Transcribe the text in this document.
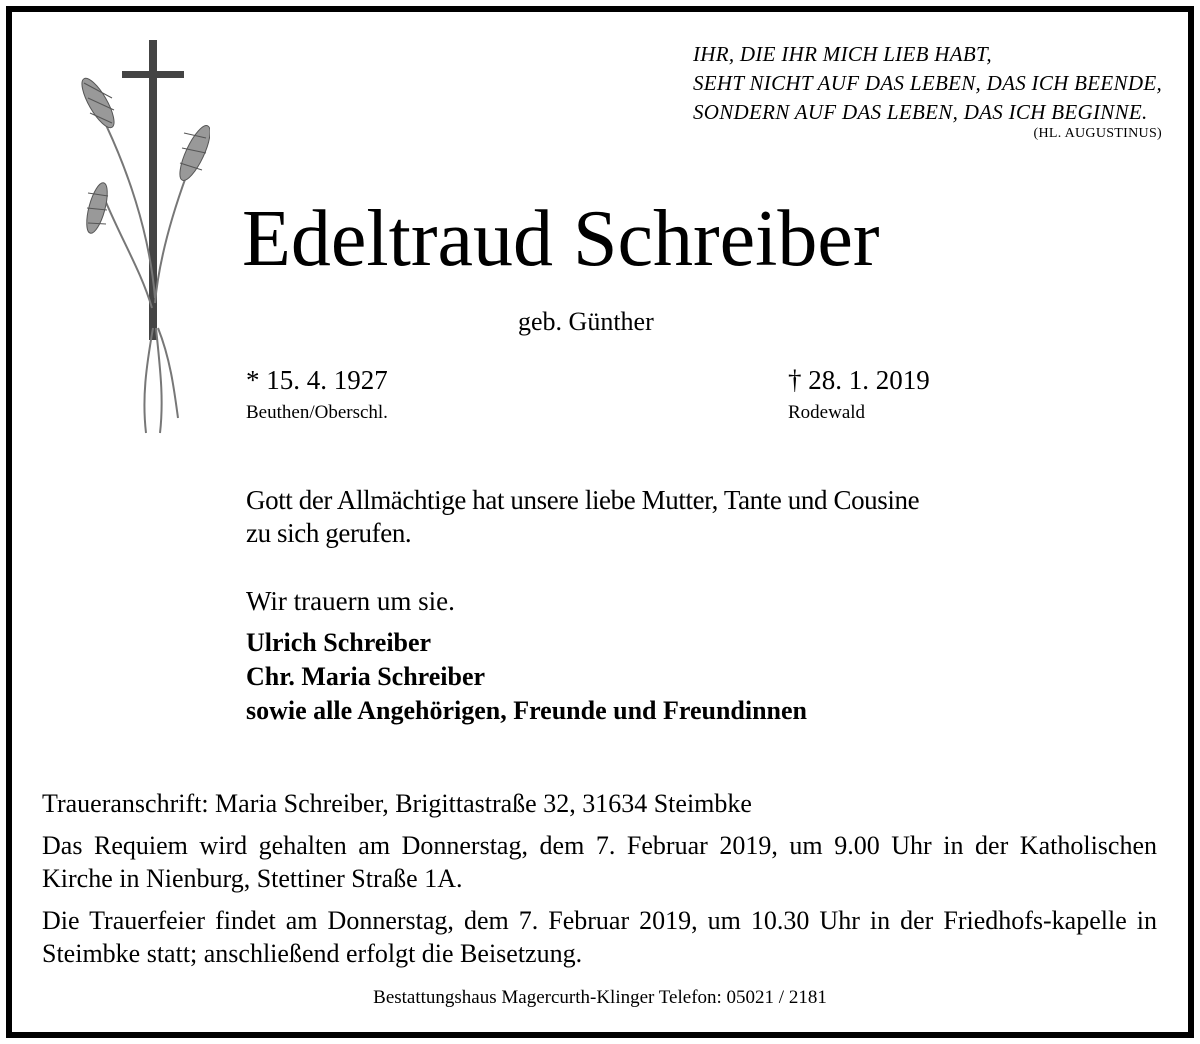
IHR, DIE IHR MICH LIEB HABT,
SEHT NICHT AUF DAS LEBEN, DAS ICH BEENDE,
SONDERN AUF DAS LEBEN, DAS ICH BEGINNE.
(HL. AUGUSTINUS)
Edeltraud Schreiber
geb. Günther
* 15. 4. 1927
Beuthen/Oberschl.
† 28. 1. 2019
Rodewald
Gott der Allmächtige hat unsere liebe Mutter, Tante und Cousine
zu sich gerufen.
Wir trauern um sie.
Ulrich Schreiber
Chr. Maria Schreiber
sowie alle Angehörigen, Freunde und Freundinnen
Traueranschrift: Maria Schreiber, Brigittastraße 32, 31634 Steimbke
Das Requiem wird gehalten am Donnerstag, dem 7. Februar 2019, um 9.00 Uhr in der Katholischen Kirche in Nienburg, Stettiner Straße 1A.
Die Trauerfeier findet am Donnerstag, dem 7. Februar 2019, um 10.30 Uhr in der Friedhofs-kapelle in Steimbke statt; anschließend erfolgt die Beisetzung.
Bestattungshaus Magercurth-Klinger Telefon: 05021 / 2181
